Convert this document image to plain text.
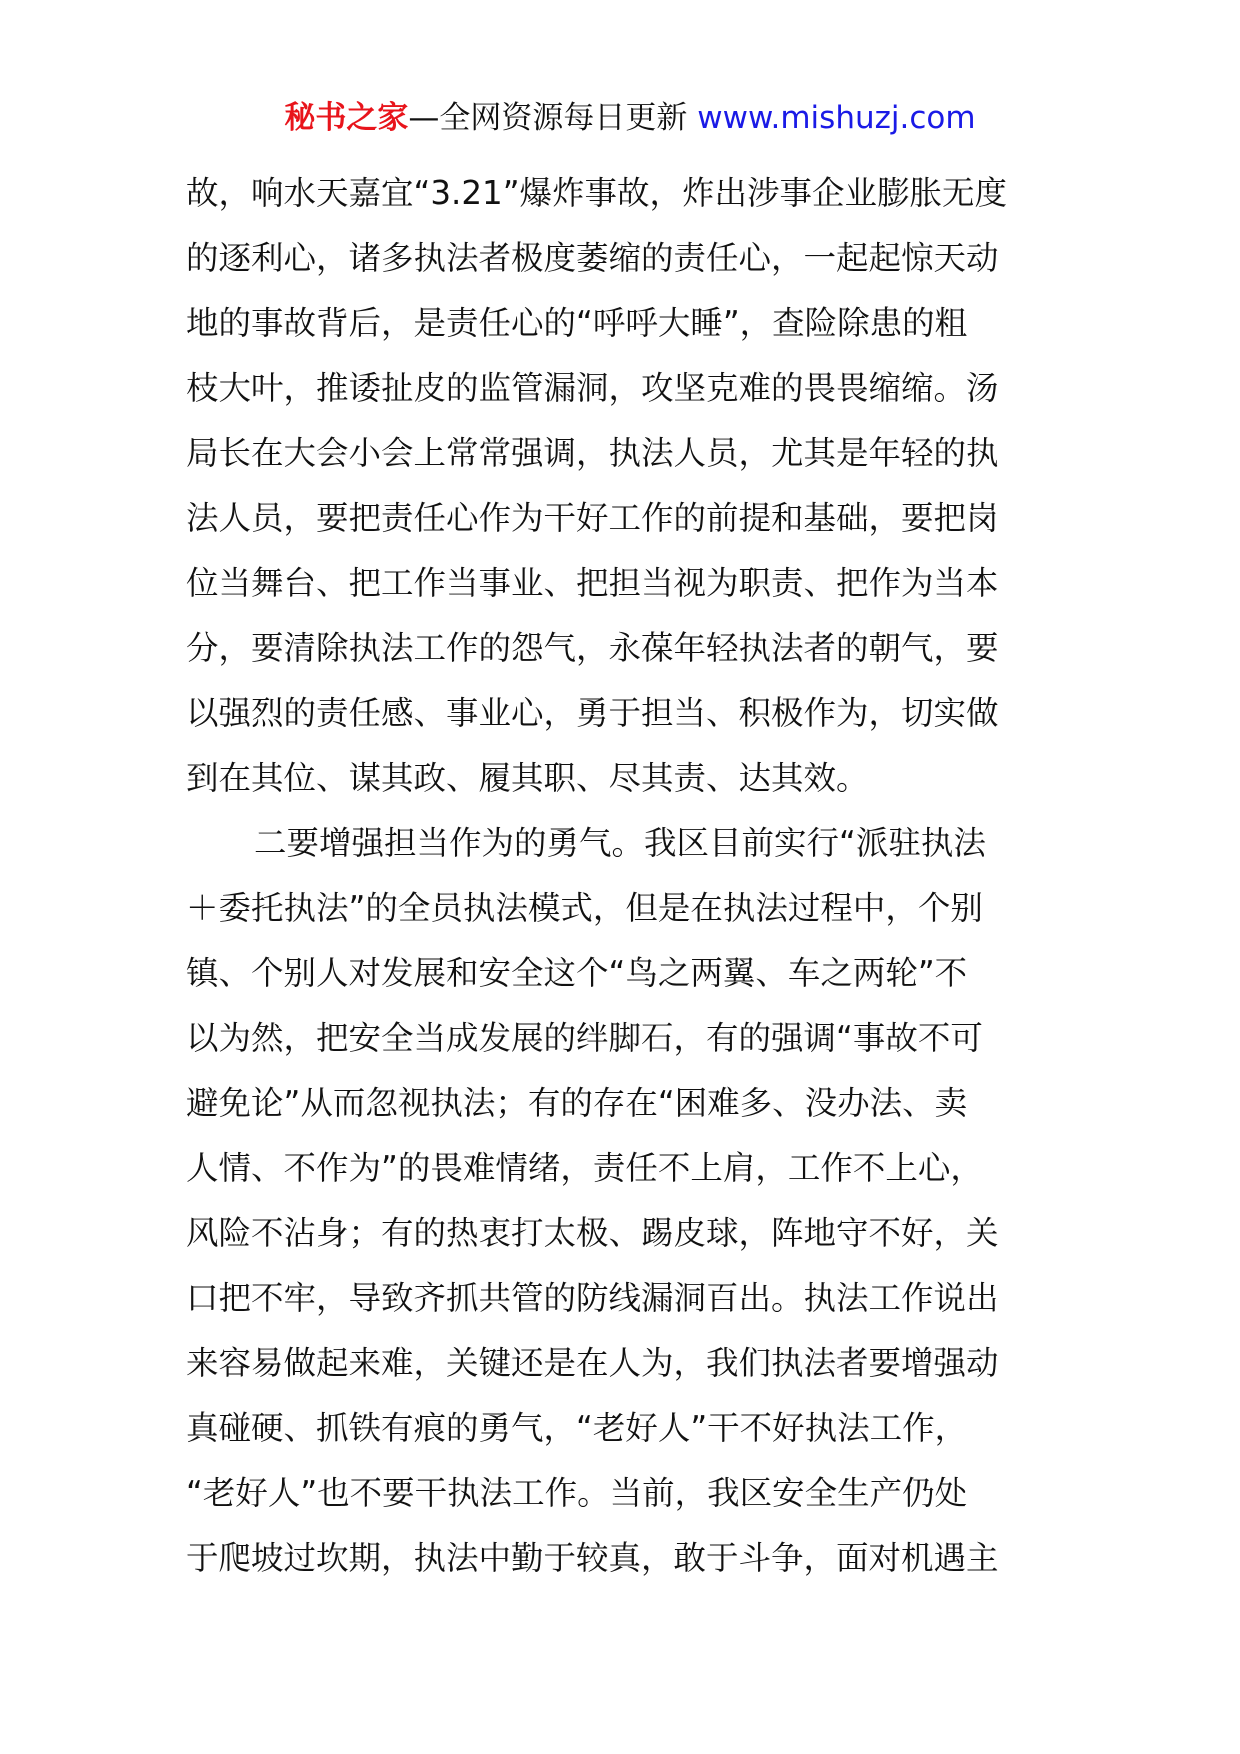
秘书之家—全网资源每日更新 www.mishuzj.com
故，响水天嘉宜“3.21”爆炸事故，炸出涉事企业膨胀无度
的逐利心，诸多执法者极度萎缩的责任心，一起起惊天动
地的事故背后，是责任心的“呼呼大睡”，查险除患的粗
枝大叶，推诿扯皮的监管漏洞，攻坚克难的畏畏缩缩。汤
局长在大会小会上常常强调，执法人员，尤其是年轻的执
法人员，要把责任心作为干好工作的前提和基础，要把岗
位当舞台、把工作当事业、把担当视为职责、把作为当本
分，要清除执法工作的怨气，永葆年轻执法者的朝气，要
以强烈的责任感、事业心，勇于担当、积极作为，切实做
到在其位、谋其政、履其职、尽其责、达其效。
二要增强担当作为的勇气。我区目前实行“派驻执法
＋委托执法”的全员执法模式，但是在执法过程中，个别
镇、个别人对发展和安全这个“鸟之两翼、车之两轮”不
以为然，把安全当成发展的绊脚石，有的强调“事故不可
避免论”从而忽视执法；有的存在“困难多、没办法、卖
人情、不作为”的畏难情绪，责任不上肩，工作不上心，
风险不沾身；有的热衷打太极、踢皮球，阵地守不好，关
口把不牢，导致齐抓共管的防线漏洞百出。执法工作说出
来容易做起来难，关键还是在人为，我们执法者要增强动
真碰硬、抓铁有痕的勇气，“老好人”干不好执法工作，
“老好人”也不要干执法工作。当前，我区安全生产仍处
于爬坡过坎期，执法中勤于较真，敢于斗争，面对机遇主
